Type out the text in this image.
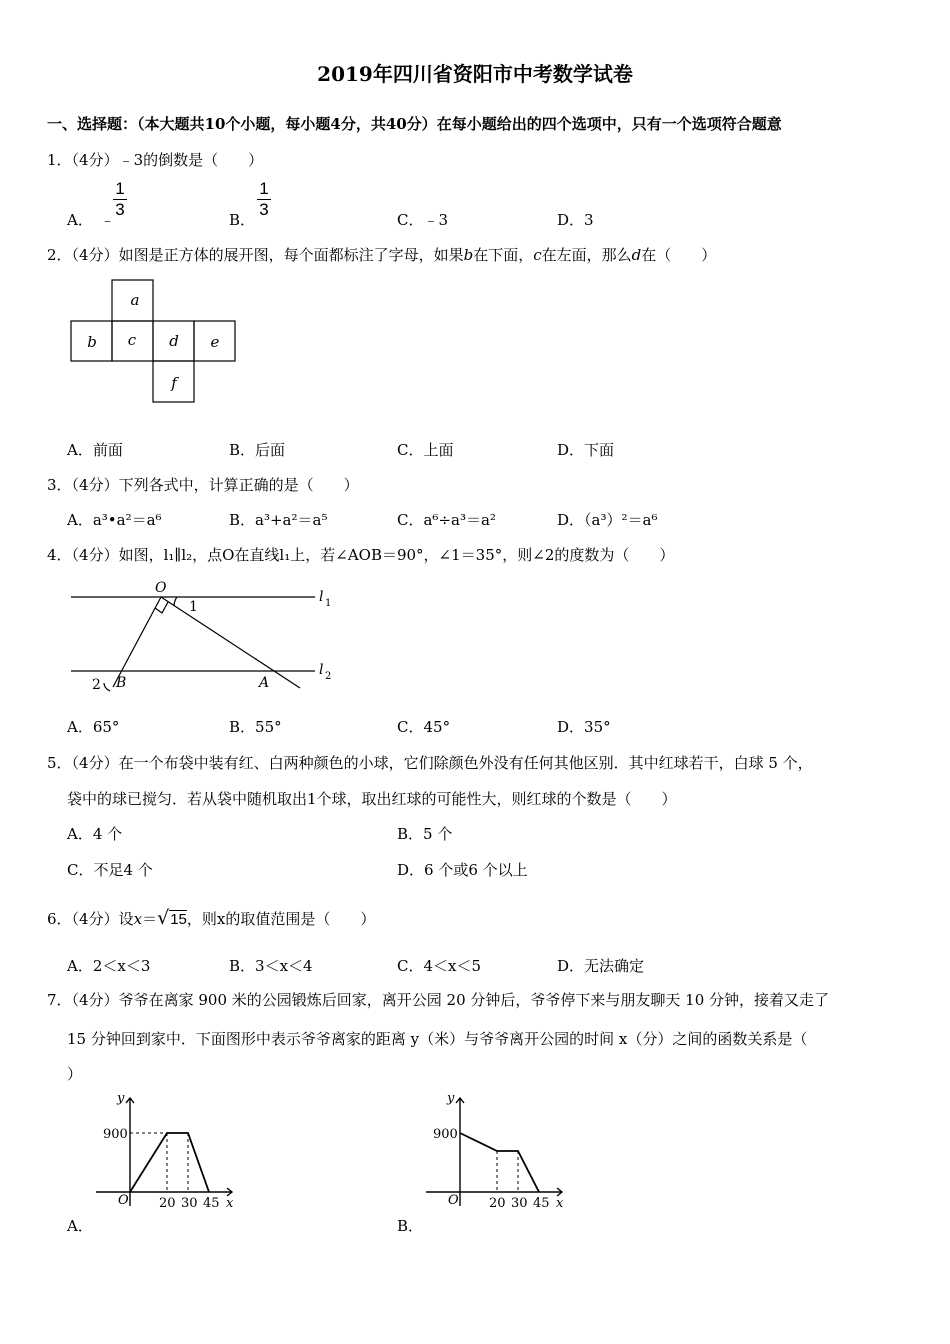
2019年四川省资阳市中考数学试卷
一、选择题：（本大题共10个小题，每小题4分，共40分）在每小题给出的四个选项中，只有一个选项符合题意
1．（4分）﹣3的倒数是（　　）
A． ﹣
1
3
B．
1
3
C．﹣3	D．3
2．（4分）如图是正方体的展开图，每个面都标注了字母，如果b在下面，c在左面，那么d在（　　）
a
b c d e
f
A．前面	B．后面	C．上面	D．下面
3．（4分）下列各式中，计算正确的是（　　）
A．a³•a²＝a⁶	B．a³+a²＝a⁵	C．a⁶÷a³＝a²	D．（a³）²＝a⁶
4．（4分）如图，l₁∥l₂，点O在直线l₁上，若∠AOB＝90°，∠1＝35°，则∠2的度数为（　　）
O
1
l 1
l 2
2 B	A
A．65°	B．55°	C．45°	D．35°
5．（4分）在一个布袋中装有红、白两种颜色的小球，它们除颜色外没有任何其他区别．其中红球若干，白球 5 个，
袋中的球已搅匀．若从袋中随机取出1个球，取出红球的可能性大，则红球的个数是（　　）
A．4 个	B．5 个
C．不足4 个	D．6 个或6 个以上
6．（4分）设x＝√15，则x的取值范围是（　　）
A．2＜x＜3	B．3＜x＜4	C．4＜x＜5	D．无法确定
7．（4分）爷爷在离家 900 米的公园锻炼后回家，离开公园 20 分钟后，爷爷停下来与朋友聊天 10 分钟，接着又走了
15 分钟回到家中．下面图形中表示爷爷离家的距离 y（米）与爷爷离开公园的时间 x（分）之间的函数关系是（
）
y
900
O 20 30 45 x
A．
y
900
O 20 30 45 x
B．
